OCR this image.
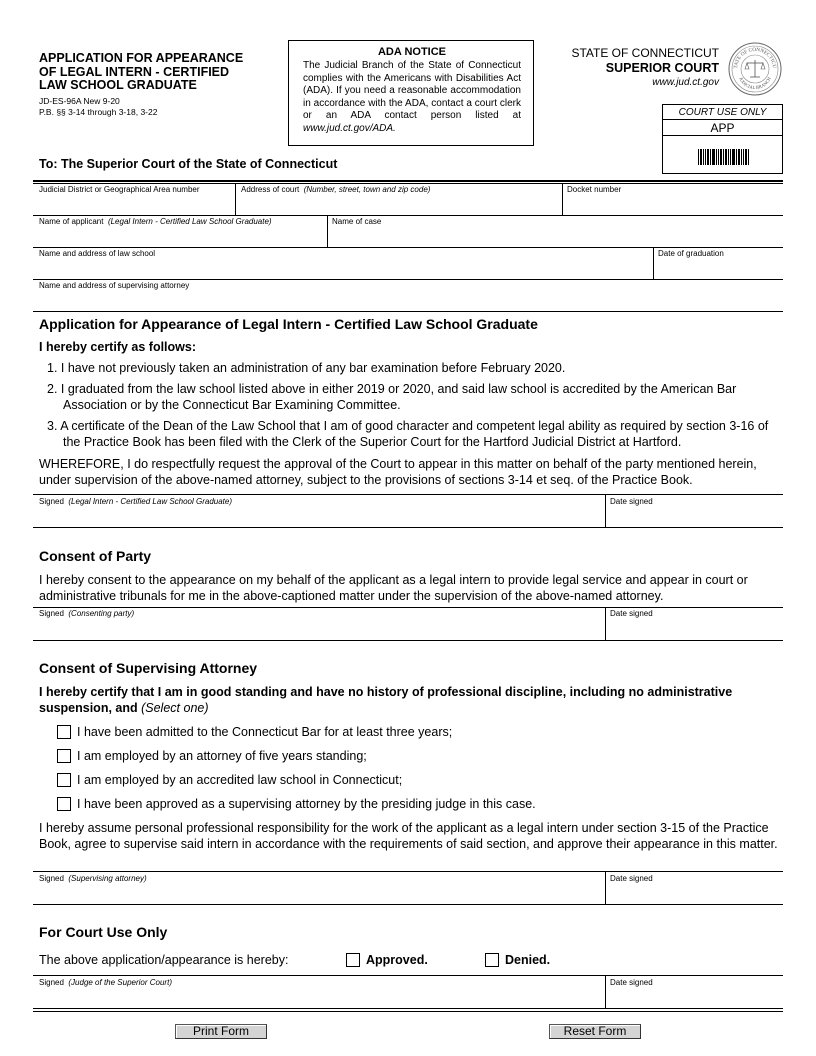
APPLICATION FOR APPEARANCE
OF LEGAL INTERN - CERTIFIED
LAW SCHOOL GRADUATE
JD-ES-96A New 9-20
P.B. §§ 3-14 through 3-18, 3-22
ADA NOTICE
The Judicial Branch of the State of Connecticut complies with the Americans with Disabilities Act (ADA). If you need a reasonable accommodation in accordance with the ADA, contact a court clerk or an ADA contact person listed at www.jud.ct.gov/ADA.
STATE OF CONNECTICUT
SUPERIOR COURT
www.jud.ct.gov
TATE OF CONNECTICU
JUDICIAL BRANCH
COURT USE ONLY
APP
To: The Superior Court of the State of Connecticut
Judicial District or Geographical Area number	Address of court (Number, street, town and zip code)	Docket number
Name of applicant (Legal Intern - Certified Law School Graduate)	Name of case
Name and address of law school	Date of graduation
Name and address of supervising attorney
Application for Appearance of Legal Intern - Certified Law School Graduate
I hereby certify as follows:
1. I have not previously taken an administration of any bar examination before February 2020.
2. I graduated from the law school listed above in either 2019 or 2020, and said law school is accredited by the American Bar Association or by the Connecticut Bar Examining Committee.
3. A certificate of the Dean of the Law School that I am of good character and competent legal ability as required by section 3-16 of the Practice Book has been filed with the Clerk of the Superior Court for the Hartford Judicial District at Hartford.
WHEREFORE, I do respectfully request the approval of the Court to appear in this matter on behalf of the party mentioned herein, under supervision of the above-named attorney, subject to the provisions of sections 3-14 et seq. of the Practice Book.
Signed (Legal Intern - Certified Law School Graduate)	Date signed
Consent of Party
I hereby consent to the appearance on my behalf of the applicant as a legal intern to provide legal service and appear in court or administrative tribunals for me in the above-captioned matter under the supervision of the above-named attorney.
Signed (Consenting party)	Date signed
Consent of Supervising Attorney
I hereby certify that I am in good standing and have no history of professional discipline, including no administrative suspension, and (Select one)
I have been admitted to the Connecticut Bar for at least three years;
I am employed by an attorney of five years standing;
I am employed by an accredited law school in Connecticut;
I have been approved as a supervising attorney by the presiding judge in this case.
I hereby assume personal professional responsibility for the work of the applicant as a legal intern under section 3-15 of the Practice Book, agree to supervise said intern in accordance with the requirements of said section, and approve their appearance in this matter.
Signed (Supervising attorney)	Date signed
For Court Use Only
The above application/appearance is hereby:	Approved.	Denied.
Signed (Judge of the Superior Court)	Date signed
Print Form	Reset Form
